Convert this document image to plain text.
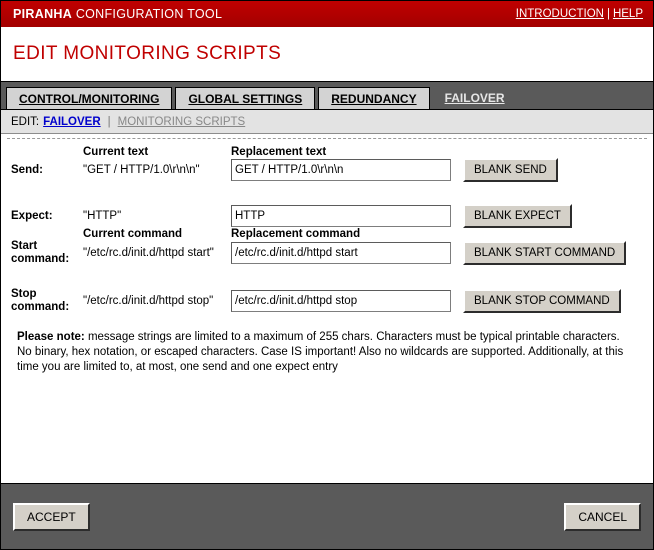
PIRANHA CONFIGURATION TOOL	INTRODUCTION | HELP
EDIT MONITORING SCRIPTS
CONTROL/MONITORING	GLOBAL SETTINGS	REDUNDANCY	FAILOVER
EDIT: FAILOVER | MONITORING SCRIPTS
	Current text	Replacement text	
Send:	"GET / HTTP/1.0\r\n\n"	GET / HTTP/1.0\r\n\n	BLANK SEND

Expect:	"HTTP"	HTTP	BLANK EXPECT
	Current command	Replacement command	
Start
command:	"/etc/rc.d/init.d/httpd start"	/etc/rc.d/init.d/httpd start	BLANK START COMMAND

Stop
command:	"/etc/rc.d/init.d/httpd stop"	/etc/rc.d/init.d/httpd stop	BLANK STOP COMMAND
Please note: message strings are limited to a maximum of 255 chars. Characters must be typical printable characters. No binary, hex notation, or escaped characters. Case IS important! Also no wildcards are supported. Additionally, at this time you are limited to, at most, one send and one expect entry
ACCEPT	CANCEL
